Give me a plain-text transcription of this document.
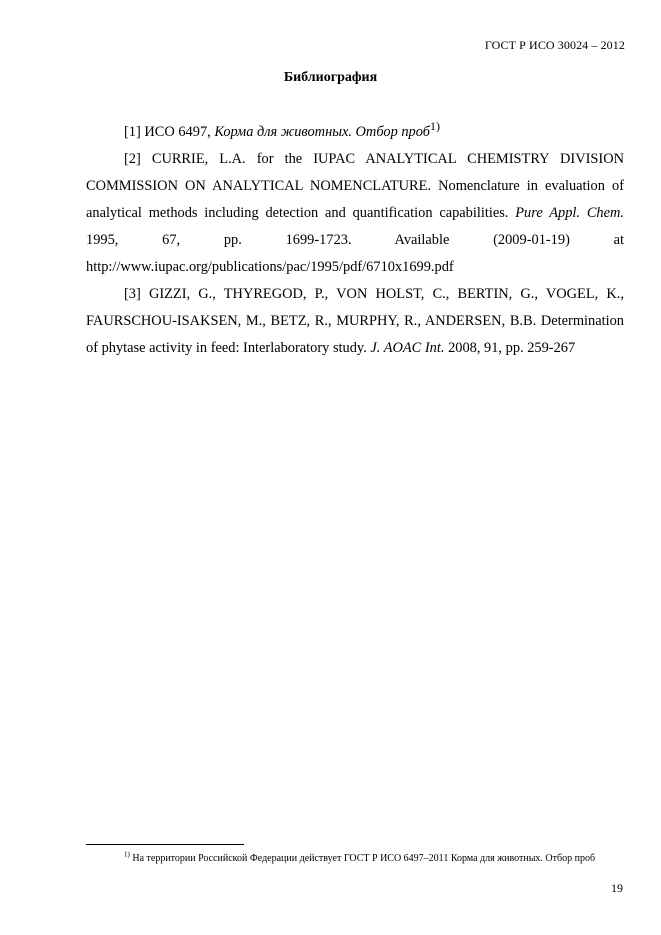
ГОСТ Р ИСО 30024 – 2012
Библиография

[1] ИСО 6497, Корма для животных. Отбор проб$^{1)}$

[2] CURRIE, L.A. for the IUPAC ANALYTICAL CHEMISTRY DIVISION COMMISSION ON ANALYTICAL NOMENCLATURE. Nomenclature in evaluation of analytical methods including detection and quantification capabilities. Pure Appl. Chem. 1995, 67, pp. 1699-1723. Available (2009-01-19) at http://www.iupac.org/publications/pac/1995/pdf/6710x1699.pdf

[3] GIZZI, G., THYREGOD, P., VON HOLST, C., BERTIN, G., VOGEL, K., FAURSCHOU-ISAKSEN, M., BETZ, R., MURPHY, R., ANDERSEN, B.B. Determination of phytase activity in feed: Interlaboratory study. J. AOAC Int. 2008, 91, pp. 259-267

$^{1)}$ На территории Российской Федерации действует ГОСТ Р ИСО 6497–2011 Корма для животных. Отбор проб
19
